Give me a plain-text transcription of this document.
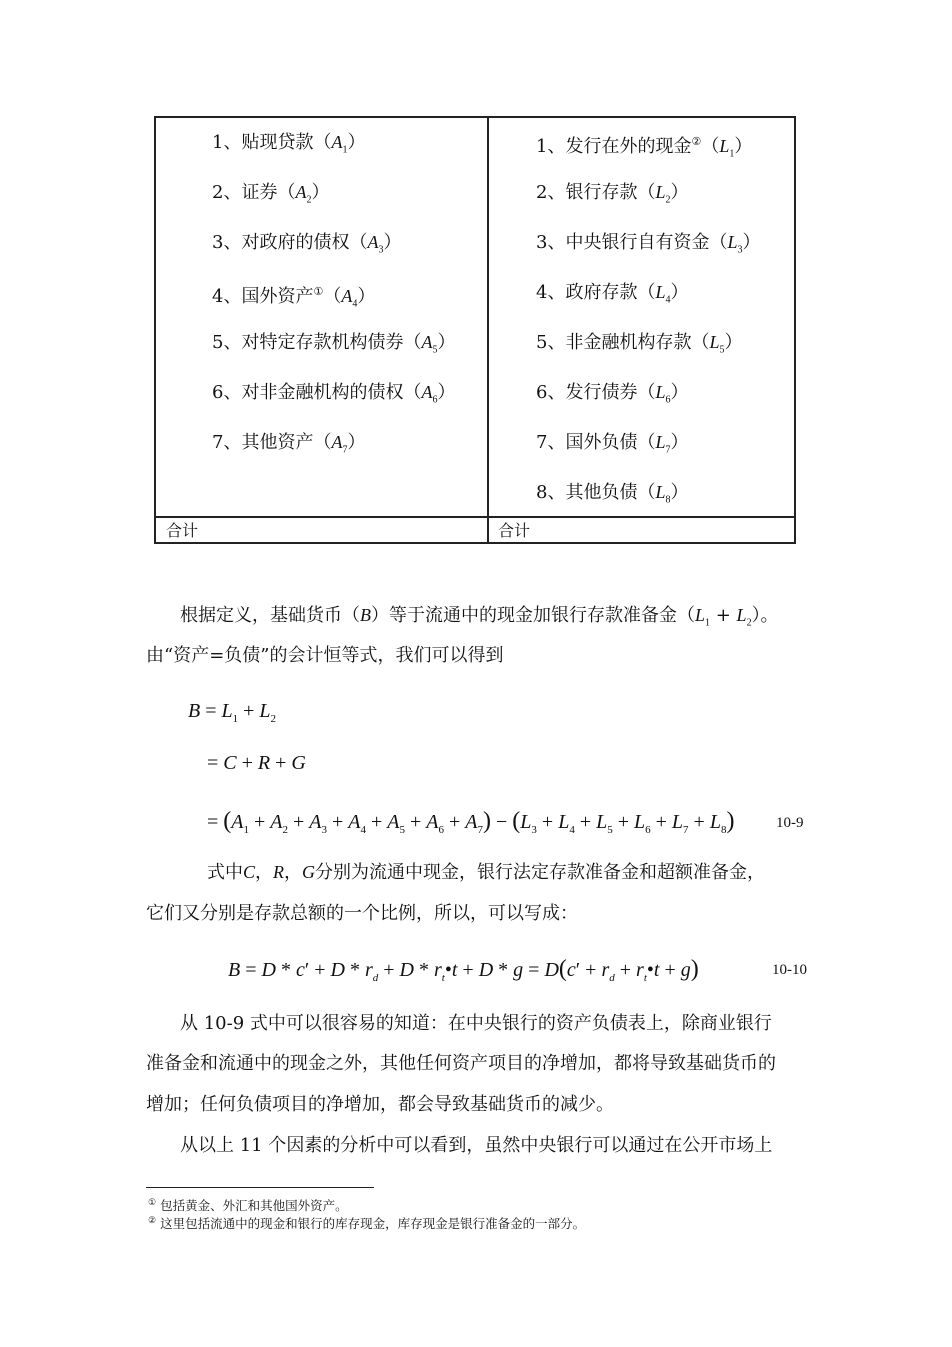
1、贴现贷款$(A_1)$
2、证券$(A_2)$
3、对政府的债权$(A_3)$
4、国外资产$^①(A_4)$
5、对特定存款机构债券$(A_5)$
6、对非金融机构的债权$(A_6)$
7、其他资产$(A_7)$
1、发行在外的现金$^②(L_1)$
2、银行存款$(L_2)$
3、中央银行自有资金$(L_3)$
4、政府存款$(L_4)$
5、非金融机构存款$(L_5)$
6、发行债券$(L_6)$
7、国外负债$(L_7)$
8、其他负债$(L_8)$
合计	合计
根据定义，基础货币（B）等于流通中的现金加银行存款准备金$(L_1 + L_2)$。
由“资产=负债”的会计恒等式，我们可以得到
$B = L_1 + L_2$
= C + R + G
= $(A_1 + A_2 + A_3 + A_4 + A_5 + A_6 + A_7) - (L_3 + L_4 + L_5 + L_6 + L_7 + L_8)$	10-9
式中C，R，G分别为流通中现金，银行法定存款准备金和超额准备金，
它们又分别是存款总额的一个比例，所以，可以写成：
$B = D * c' + D * r_d + D$ * $r_t•t + D * g = D(c' + r_d$ + $r_t•t + g$)	10-10
从 10-9 式中可以很容易的知道：在中央银行的资产负债表上，除商业银行
准备金和流通中的现金之外，其他任何资产项目的净增加，都将导致基础货币的
增加；任何负债项目的净增加，都会导致基础货币的减少。
从以上 11 个因素的分析中可以看到，虽然中央银行可以通过在公开市场上
① 包括黄金、外汇和其他国外资产。
② 这里包括流通中的现金和银行的库存现金，库存现金是银行准备金的一部分。
